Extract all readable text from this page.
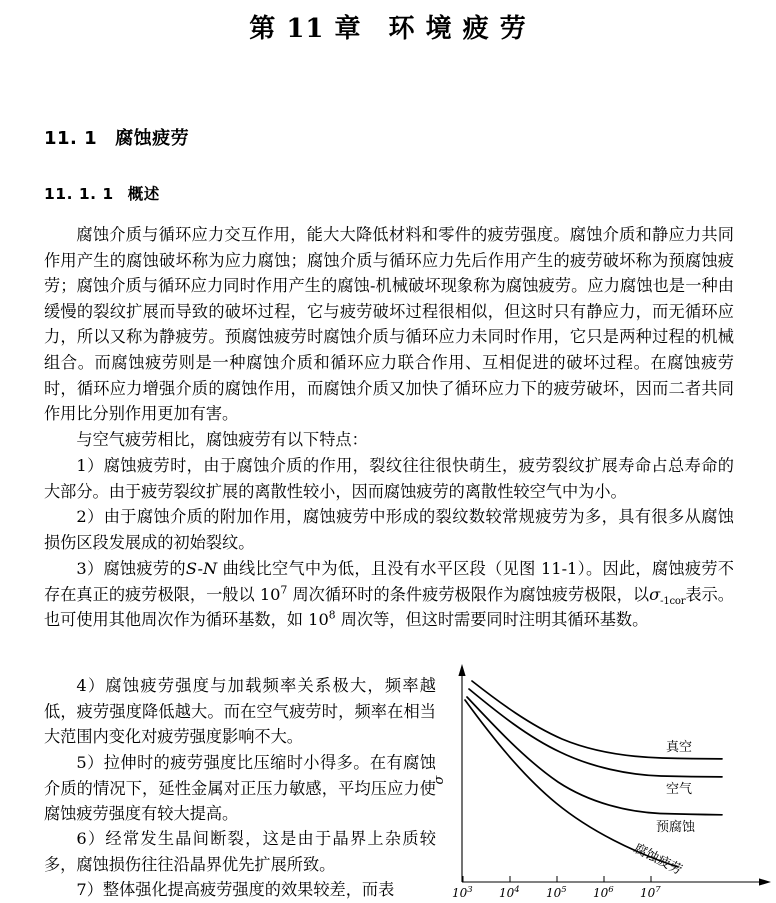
第 11 章　环 境 疲 劳
11. 1 腐蚀疲劳
11. 1. 1 概述
腐蚀介质与循环应力交互作用，能大大降低材料和零件的疲劳强度。腐蚀介质和静应力共同作用产生的腐蚀破坏称为应力腐蚀；腐蚀介质与循环应力先后作用产生的疲劳破坏称为预腐蚀疲劳；腐蚀介质与循环应力同时作用产生的腐蚀-机械破坏现象称为腐蚀疲劳。应力腐蚀也是一种由缓慢的裂纹扩展而导致的破坏过程，它与疲劳破坏过程很相似，但这时只有静应力，而无循环应力，所以又称为静疲劳。预腐蚀疲劳时腐蚀介质与循环应力未同时作用，它只是两种过程的机械组合。而腐蚀疲劳则是一种腐蚀介质和循环应力联合作用、互相促进的破坏过程。在腐蚀疲劳时，循环应力增强介质的腐蚀作用，而腐蚀介质又加快了循环应力下的疲劳破坏，因而二者共同作用比分别作用更加有害。
与空气疲劳相比，腐蚀疲劳有以下特点：
1）腐蚀疲劳时，由于腐蚀介质的作用，裂纹往往很快萌生，疲劳裂纹扩展寿命占总寿命的大部分。由于疲劳裂纹扩展的离散性较小，因而腐蚀疲劳的离散性较空气中为小。
2）由于腐蚀介质的附加作用，腐蚀疲劳中形成的裂纹数较常规疲劳为多，具有很多从腐蚀损伤区段发展成的初始裂纹。
3）腐蚀疲劳的S-N 曲线比空气中为低，且没有水平区段（见图 11-1）。因此，腐蚀疲劳不存在真正的疲劳极限，一般以 $10^7$ 周次循环时的条件疲劳极限作为腐蚀疲劳极限，以$\sigma_{-1cor}$表示。也可使用其他周次作为循环基数，如 $10^8$ 周次等，但这时需要同时注明其循环基数。
4）腐蚀疲劳强度与加载频率关系极大，频率越低，疲劳强度降低越大。而在空气疲劳时，频率在相当大范围内变化对疲劳强度影响不大。
5）拉伸时的疲劳强度比压缩时小得多。在有腐蚀介质的情况下，延性金属对正压力敏感，平均压应力使腐蚀疲劳强度有较大提高。
6）经常发生晶间断裂，这是由于晶界上杂质较多，腐蚀损伤往往沿晶界优先扩展所致。
7）整体强化提高疲劳强度的效果较差，而表	$10^3$ $10^4$ $10^5$ $10^6$ $10^7$
σ
真空
空气
预腐蚀
腐蚀疲劳
